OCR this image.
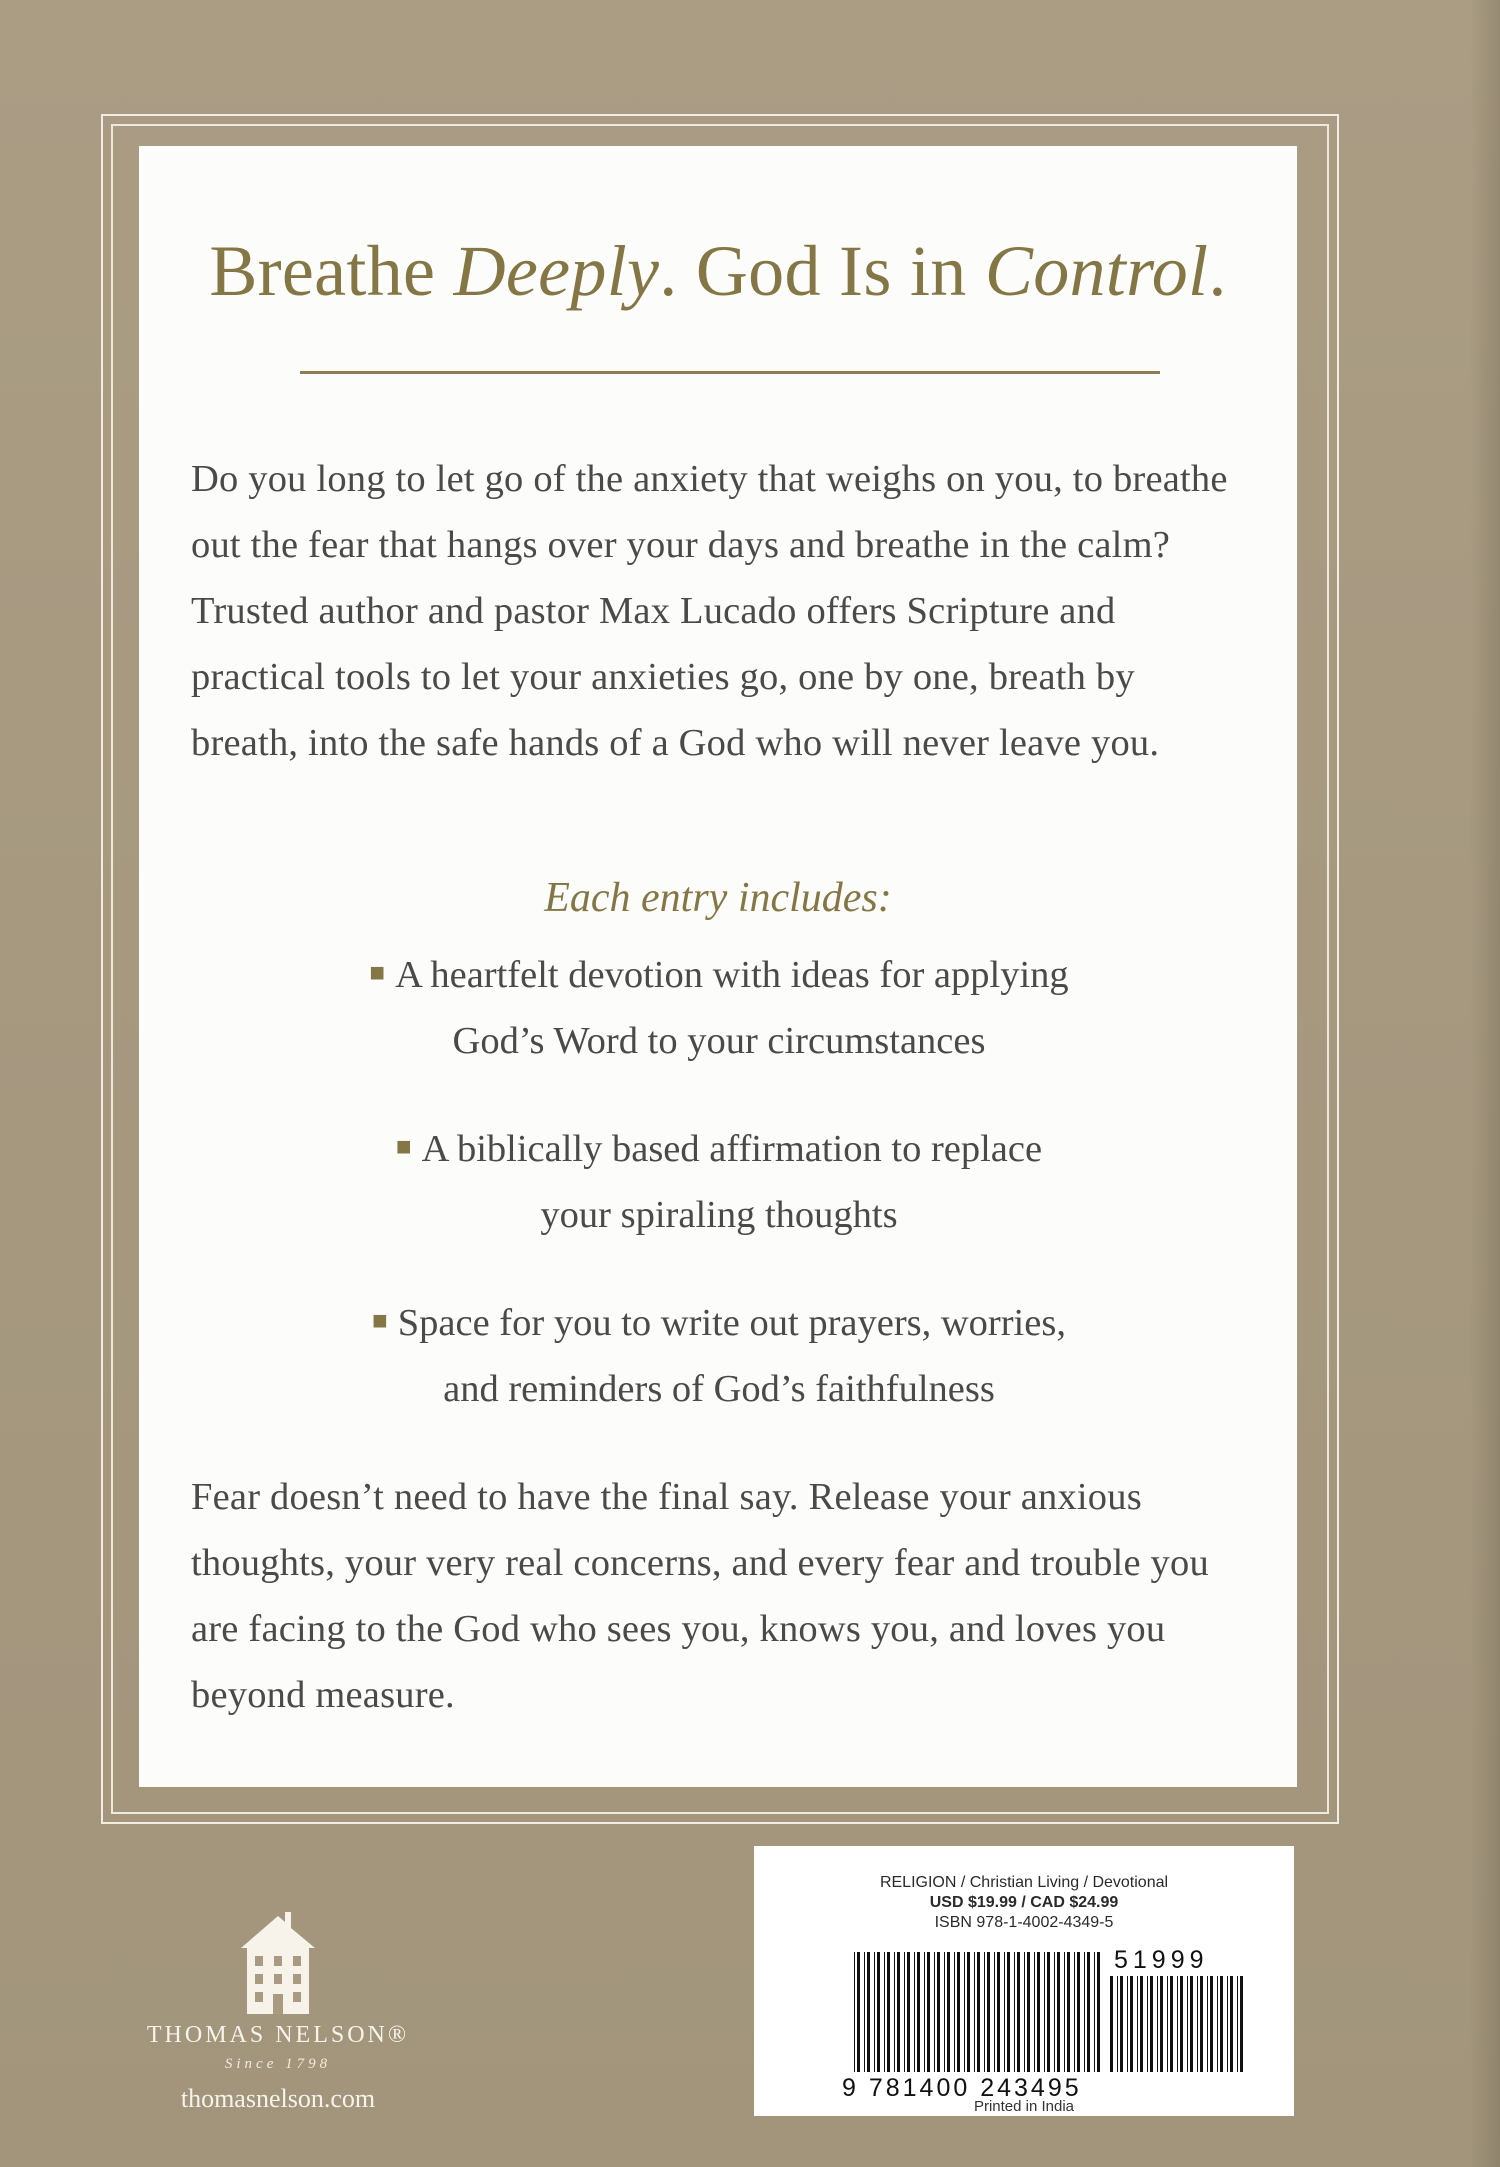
Breathe Deeply. God Is in Control.

Do you long to let go of the anxiety that weighs on you, to breathe out the fear that hangs over your days and breathe in the calm? Trusted author and pastor Max Lucado offers Scripture and practical tools to let your anxieties go, one by one, breath by breath, into the safe hands of a God who will never leave you.

Each entry includes:

■ A heartfelt devotion with ideas for applying
God’s Word to your circumstances

■ A biblically based affirmation to replace
your spiraling thoughts

■ Space for you to write out prayers, worries,
and reminders of God’s faithfulness

Fear doesn’t need to have the final say. Release your anxious thoughts, your very real concerns, and every fear and trouble you are facing to the God who sees you, knows you, and loves you beyond measure.

THOMAS NELSON®
Since 1798
thomasnelson.com
RELIGION / Christian Living / Devotional
USD $19.99 / CAD $24.99
ISBN 978-1-4002-4349-5
51999
9 781400 243495
Printed in India
